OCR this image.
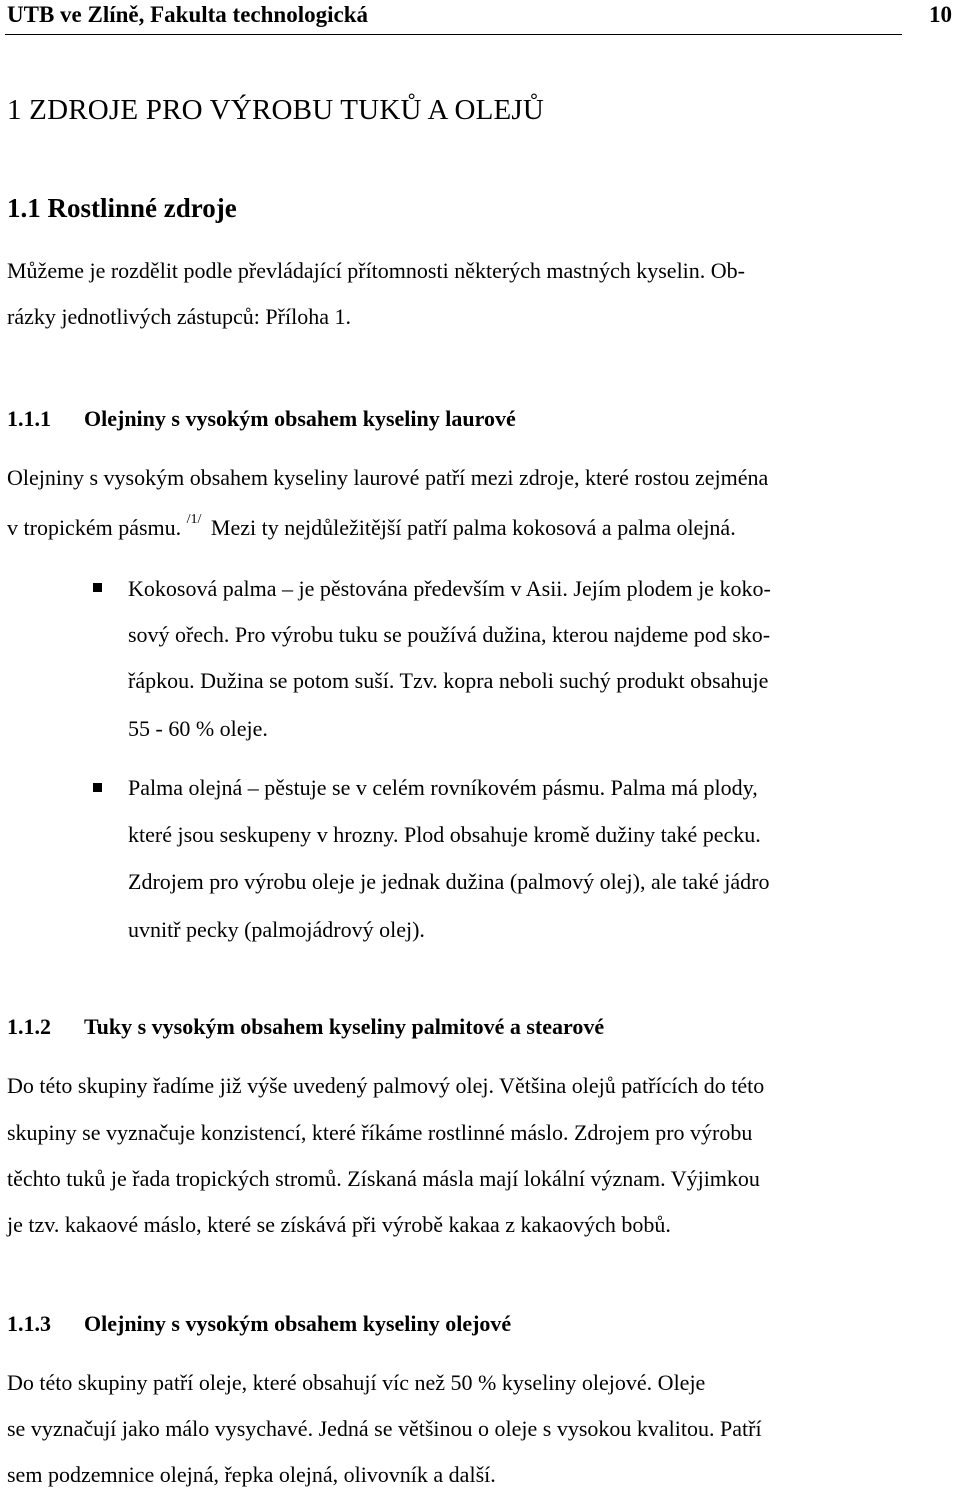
UTB ve Zlíně, Fakulta technologická	10
1 ZDROJE PRO VÝROBU TUKŮ A OLEJŮ
1.1 Rostlinné zdroje
Můžeme je rozdělit podle převládající přítomnosti některých mastných kyselin. Ob-
rázky jednotlivých zástupců: Příloha 1.
1.1.1 Olejniny s vysokým obsahem kyseliny laurové
Olejniny s vysokým obsahem kyseliny laurové patří mezi zdroje, které rostou zejména
v tropickém pásmu. $^{/1/}$ Mezi ty nejdůležitější patří palma kokosová a palma olejná.
Kokosová palma – je pěstována především v Asii. Jejím plodem je koko-
sový ořech. Pro výrobu tuku se používá dužina, kterou najdeme pod sko-
řápkou. Dužina se potom suší. Tzv. kopra neboli suchý produkt obsahuje
55 - 60 % oleje.
Palma olejná – pěstuje se v celém rovníkovém pásmu. Palma má plody,
které jsou seskupeny v hrozny. Plod obsahuje kromě dužiny také pecku.
Zdrojem pro výrobu oleje je jednak dužina (palmový olej), ale také jádro
uvnitř pecky (palmojádrový olej).
1.1.2 Tuky s vysokým obsahem kyseliny palmitové a stearové
Do této skupiny řadíme již výše uvedený palmový olej. Většina olejů patřících do této
skupiny se vyznačuje konzistencí, které říkáme rostlinné máslo. Zdrojem pro výrobu
těchto tuků je řada tropických stromů. Získaná másla mají lokální význam. Výjimkou
je tzv. kakaové máslo, které se získává při výrobě kakaa z kakaových bobů.
1.1.3 Olejniny s vysokým obsahem kyseliny olejové
Do této skupiny patří oleje, které obsahují víc než 50 % kyseliny olejové. Oleje
se vyznačují jako málo vysychavé. Jedná se většinou o oleje s vysokou kvalitou. Patří
sem podzemnice olejná, řepka olejná, olivovník a další.
